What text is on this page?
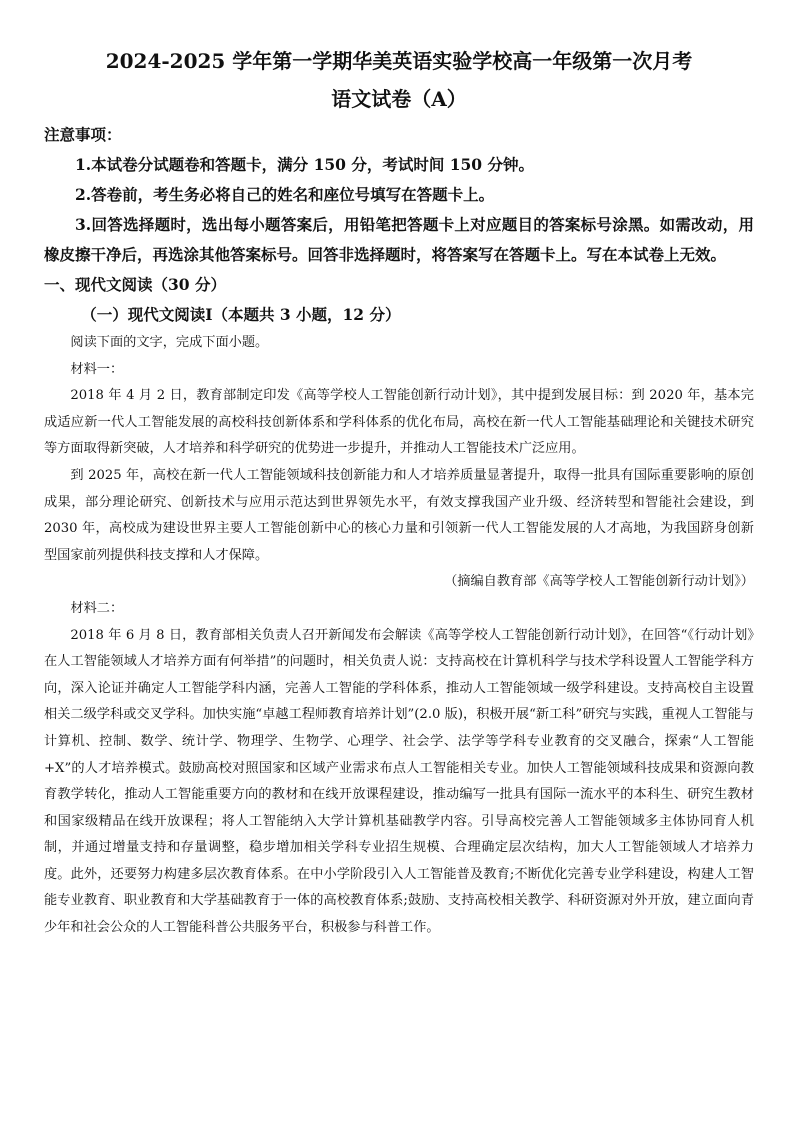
2024-2025 学年第一学期华美英语实验学校高一年级第一次月考
语文试卷（A）

注意事项：

1.本试卷分试题卷和答题卡，满分 150 分，考试时间 150 分钟。

2.答卷前，考生务必将自己的姓名和座位号填写在答题卡上。

3.回答选择题时，选出每小题答案后，用铅笔把答题卡上对应题目的答案标号涂黑。如需改动，用橡皮擦干净后，再选涂其他答案标号。回答非选择题时，将答案写在答题卡上。写在本试卷上无效。

一、现代文阅读（30 分）

（一）现代文阅读Ⅰ（本题共 3 小题，12 分）

阅读下面的文字，完成下面小题。

材料一：

2018 年 4 月 2 日，教育部制定印发《高等学校人工智能创新行动计划》，其中提到发展目标：到 2020 年，基本完成适应新一代人工智能发展的高校科技创新体系和学科体系的优化布局，高校在新一代人工智能基础理论和关键技术研究等方面取得新突破，人才培养和科学研究的优势进一步提升，并推动人工智能技术广泛应用。

到 2025 年，高校在新一代人工智能领域科技创新能力和人才培养质量显著提升，取得一批具有国际重要影响的原创成果，部分理论研究、创新技术与应用示范达到世界领先水平，有效支撑我国产业升级、经济转型和智能社会建设，到 2030 年，高校成为建设世界主要人工智能创新中心的核心力量和引领新一代人工智能发展的人才高地，为我国跻身创新型国家前列提供科技支撑和人才保障。

（摘编自教育部《高等学校人工智能创新行动计划》）

材料二：

2018 年 6 月 8 日，教育部相关负责人召开新闻发布会解读《高等学校人工智能创新行动计划》，在回答“《行动计划》在人工智能领域人才培养方面有何举措”的问题时，相关负责人说：支持高校在计算机科学与技术学科设置人工智能学科方向，深入论证并确定人工智能学科内涵，完善人工智能的学科体系，推动人工智能领域一级学科建设。支持高校自主设置相关二级学科或交叉学科。加快实施“卓越工程师教育培养计划”(2.0 版)，积极开展“新工科”研究与实践，重视人工智能与计算机、控制、数学、统计学、物理学、生物学、心理学、社会学、法学等学科专业教育的交叉融合，探索“人工智能+X”的人才培养模式。鼓励高校对照国家和区域产业需求布点人工智能相关专业。加快人工智能领域科技成果和资源向教育教学转化，推动人工智能重要方向的教材和在线开放课程建设，推动编写一批具有国际一流水平的本科生、研究生教材和国家级精品在线开放课程；将人工智能纳入大学计算机基础教学内容。引导高校完善人工智能领域多主体协同育人机制，并通过增量支持和存量调整，稳步增加相关学科专业招生规模、合理确定层次结构，加大人工智能领域人才培养力度。此外，还要努力构建多层次教育体系。在中小学阶段引入人工智能普及教育;不断优化完善专业学科建设，构建人工智能专业教育、职业教育和大学基础教育于一体的高校教育体系;鼓励、支持高校相关教学、科研资源对外开放，建立面向青少年和社会公众的人工智能科普公共服务平台，积极参与科普工作。
